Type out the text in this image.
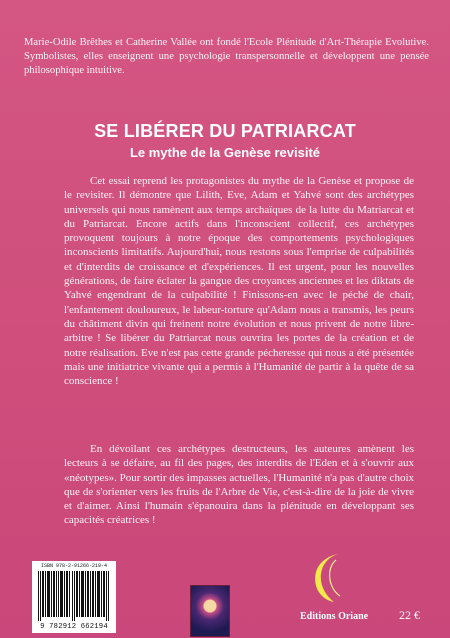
Marie-Odile Brêthes et Catherine Vallée ont fondé l'Ecole Plénitude d'Art-Thérapie Evolutive. Symbolistes, elles enseignent une psychologie transpersonnelle et développent une pensée philosophique intuitive.
SE LIBÉRER DU PATRIARCAT
Le mythe de la Genèse revisité
Cet essai reprend les protagonistes du mythe de la Genèse et propose de le revisiter. Il démontre que Lilith, Eve, Adam et Yahvé sont des archétypes universels qui nous ramènent aux temps archaïques de la lutte du Matriarcat et du Patriarcat. Encore actifs dans l'inconscient collectif, ces archétypes provoquent toujours à notre époque des comportements psychologiques inconscients limitatifs. Aujourd'hui, nous restons sous l'emprise de culpabilités et d'interdits de croissance et d'expériences. Il est urgent, pour les nouvelles générations, de faire éclater la gangue des croyances anciennes et les diktats de Yahvé engendrant de la culpabilité ! Finissons-en avec le péché de chair, l'enfantement douloureux, le labeur-torture qu'Adam nous a transmis, les peurs du châtiment divin qui freinent notre évolution et nous privent de notre libre-arbitre ! Se libérer du Patriarcat nous ouvrira les portes de la création et de notre réalisation. Eve n'est pas cette grande pécheresse qui nous a été présentée mais une initiatrice vivante qui a permis à l'Humanité de partir à la quête de sa conscience !
En dévoilant ces archétypes destructeurs, les auteures amènent les lecteurs à se défaire, au fil des pages, des interdits de l'Eden et à s'ouvrir aux «néotypes». Pour sortir des impasses actuelles, l'Humanité n'a pas d'autre choix que de s'orienter vers les fruits de l'Arbre de Vie, c'est-à-dire de la joie de vivre et d'aimer. Ainsi l'humain s'épanouira dans la plénitude en développant ses capacités créatrices !
ISBN 978-2-91266-219-4
9 782912 662194
Editions Oriane	22 €
